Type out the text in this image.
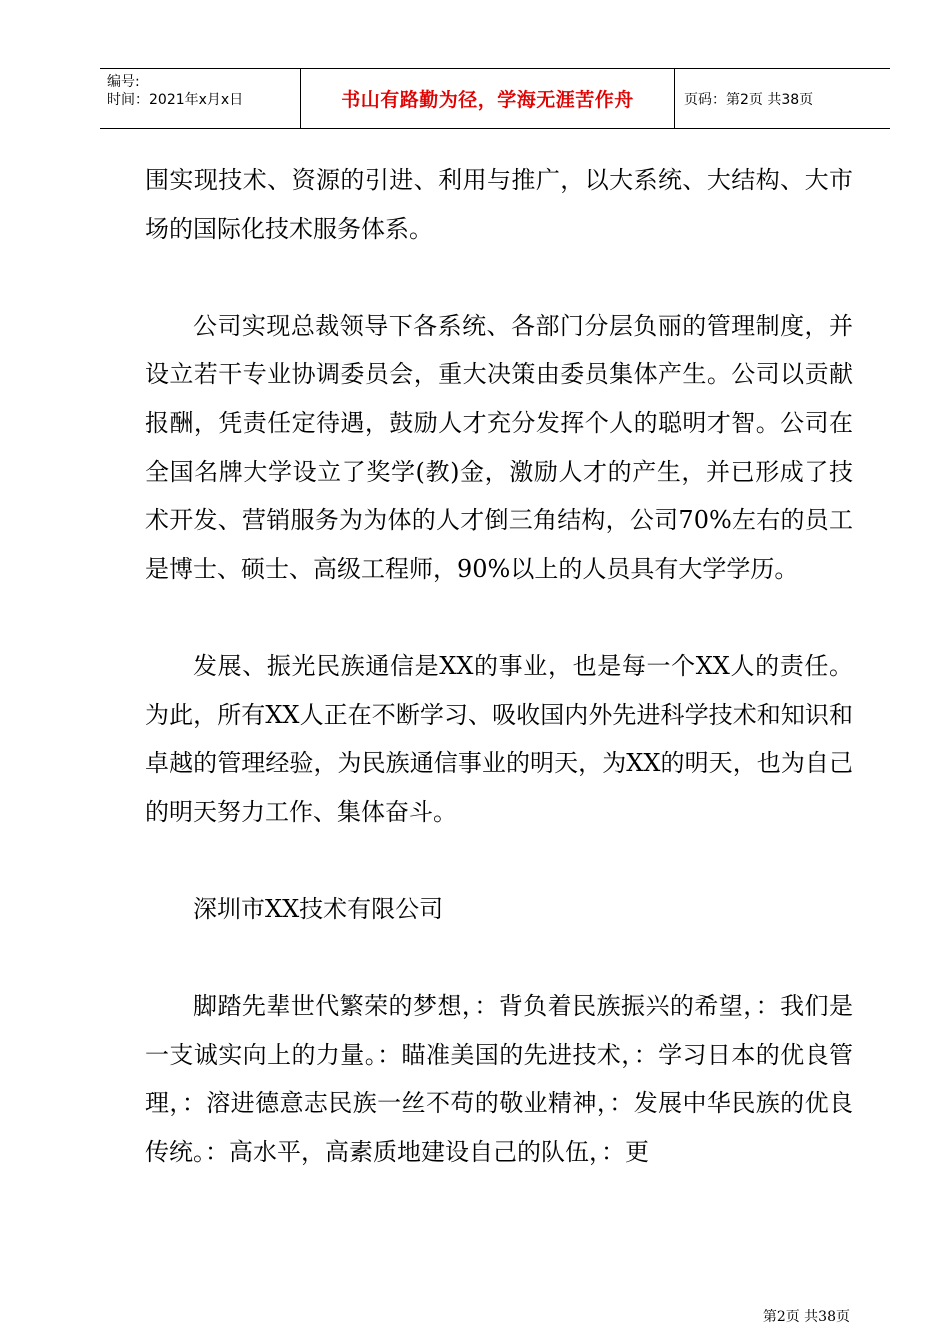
编号:
时间：2021年x月x日	书山有路勤为径，学海无涯苦作舟	页码：第2页 共38页

围实现技术、资源的引进、利用与推广，以大系统、大结构、大市场的国际化技术服务体系。

公司实现总裁领导下各系统、各部门分层负丽的管理制度，并设立若干专业协调委员会，重大决策由委员集体产生。公司以贡献报酬，凭责任定待遇，鼓励人才充分发挥个人的聪明才智。公司在全国名牌大学设立了奖学(教)金，激励人才的产生，并已形成了技术开发、营销服务为为体的人才倒三角结构，公司70%左右的员工是博士、硕士、高级工程师，90%以上的人员具有大学学历。

发展、振光民族通信是XX的事业，也是每一个XX人的责任。为此，所有XX人正在不断学习、吸收国内外先进科学技术和知识和卓越的管理经验，为民族通信事业的明天，为XX的明天，也为自己的明天努力工作、集体奋斗。

深圳市XX技术有限公司

脚踏先辈世代繁荣的梦想，：背负着民族振兴的希望，：我们是一支诚实向上的力量。：瞄准美国的先进技术，：学习日本的优良管理，：溶进德意志民族一丝不苟的敬业精神，：发展中华民族的优良传统。：高水平，高素质地建设自己的队伍，：更

第2页 共38页
